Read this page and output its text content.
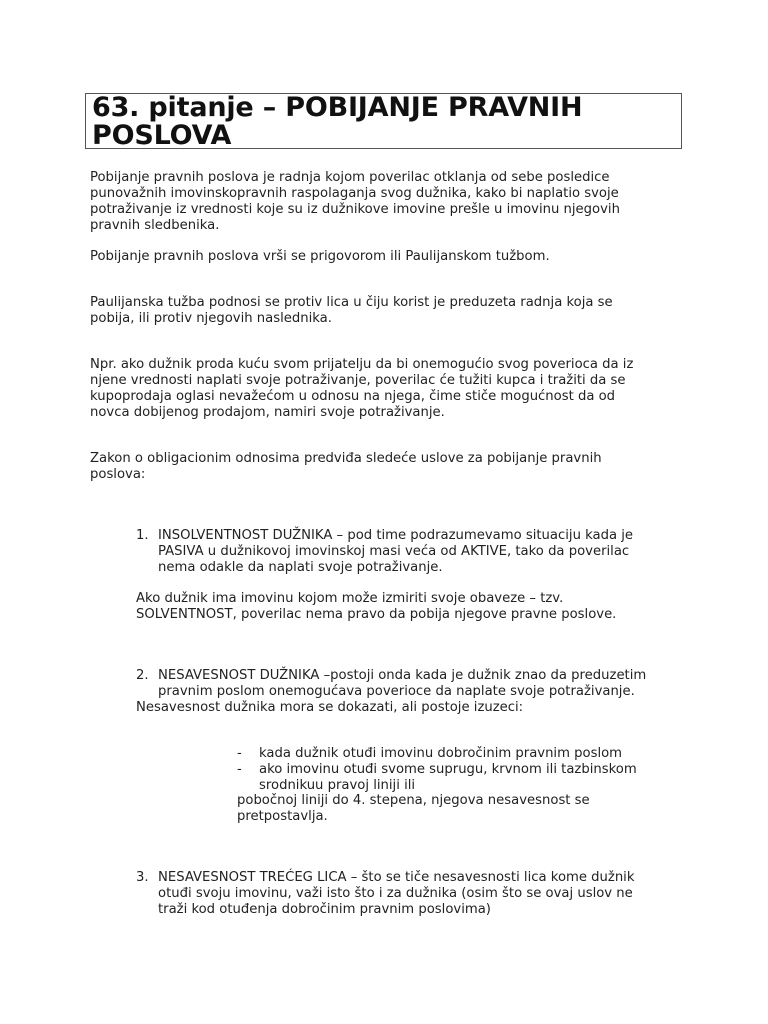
63. pitanje – POBIJANJE PRAVNIH

POSLOVA

Pobijanje pravnih poslova je radnja kojom poverilac otklanja od sebe posledice

punovažnih imovinskopravnih raspolaganja svog dužnika, kako bi naplatio svoje

potraživanje iz vrednosti koje su iz dužnikove imovine prešle u imovinu njegovih

pravnih sledbenika.

Pobijanje pravnih poslova vrši se prigovorom ili Paulijanskom tužbom.

Paulijanska tužba podnosi se protiv lica u čiju korist je preduzeta radnja koja se

pobija, ili protiv njegovih naslednika.

Npr. ako dužnik proda kuću svom prijatelju da bi onemogućio svog poverioca da iz

njene vrednosti naplati svoje potraživanje, poverilac će tužiti kupca i tražiti da se

kupoprodaja oglasi nevažećom u odnosu na njega, čime stiče mogućnost da od

novca dobijenog prodajom, namiri svoje potraživanje.

Zakon o obligacionim odnosima predviđa sledeće uslove za pobijanje pravnih

poslova:

1. INSOLVENTNOST DUŽNIKA – pod time podrazumevamo situaciju kada je

PASIVA u dužnikovoj imovinskoj masi veća od AKTIVE, tako da poverilac

nema odakle da naplati svoje potraživanje.

Ako dužnik ima imovinu kojom može izmiriti svoje obaveze – tzv.

SOLVENTNOST, poverilac nema pravo da pobija njegove pravne poslove.

2. NESAVESNOST DUŽNIKA –postoji onda kada je dužnik znao da preduzetim

pravnim poslom onemogućava poverioce da naplate svoje potraživanje.

Nesavesnost dužnika mora se dokazati, ali postoje izuzeci:

- kada dužnik otuđi imovinu dobročinim pravnim poslom

- ako imovinu otuđi svome suprugu, krvnom ili tazbinskom

srodnikuu pravoj liniji ili

pobočnoj liniji do 4. stepena, njegova nesavesnost se

pretpostavlja.

3. NESAVESNOST TREĆEG LICA – što se tiče nesavesnosti lica kome dužnik

otuđi svoju imovinu, važi isto što i za dužnika (osim što se ovaj uslov ne

traži kod otuđenja dobročinim pravnim poslovima)
